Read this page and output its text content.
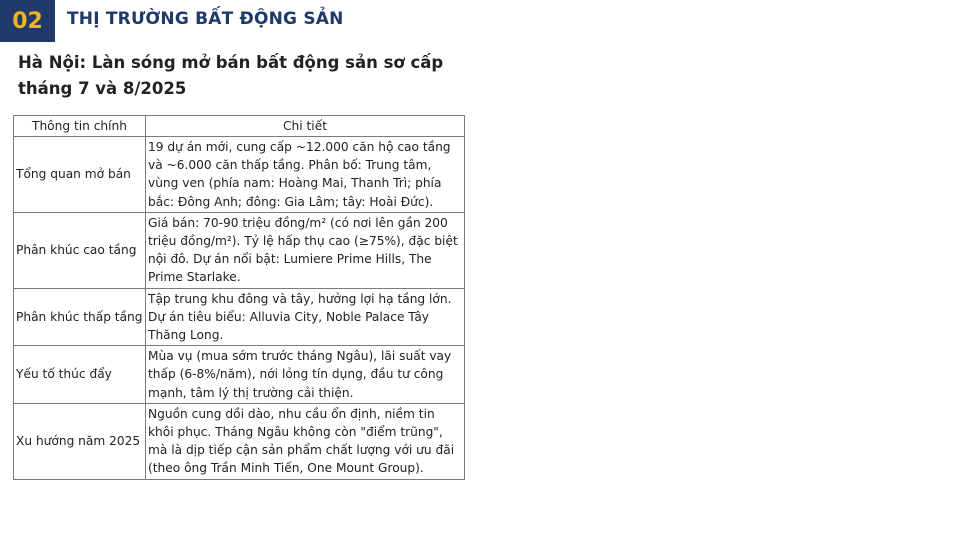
02	THỊ TRƯỜNG BẤT ĐỘNG SẢN
Hà Nội: Làn sóng mở bán bất động sản sơ cấp
tháng 7 và 8/2025
Thông tin chính	Chi tiết
Tổng quan mở bán	19 dự án mới, cung cấp ~12.000 căn hộ cao tầng và ~6.000 căn thấp tầng. Phân bố: Trung tâm, vùng ven (phía nam: Hoàng Mai, Thanh Trì; phía bắc: Đông Anh; đông: Gia Lâm; tây: Hoài Đức).
Phân khúc cao tầng	Giá bán: 70-90 triệu đồng/m² (có nơi lên gần 200 triệu đồng/m²). Tỷ lệ hấp thụ cao (≥75%), đặc biệt nội đô. Dự án nổi bật: Lumiere Prime Hills, The Prime Starlake.
Phân khúc thấp tầng	Tập trung khu đông và tây, hưởng lợi hạ tầng lớn. Dự án tiêu biểu: Alluvia City, Noble Palace Tây Thăng Long.
Yếu tố thúc đẩy	Mùa vụ (mua sớm trước tháng Ngâu), lãi suất vay thấp (6-8%/năm), nới lỏng tín dụng, đầu tư công mạnh, tâm lý thị trường cải thiện.
Xu hướng năm 2025	Nguồn cung dồi dào, nhu cầu ổn định, niềm tin khôi phục. Tháng Ngâu không còn "điểm trũng", mà là dịp tiếp cận sản phẩm chất lượng với ưu đãi (theo ông Trần Minh Tiến, One Mount Group).
